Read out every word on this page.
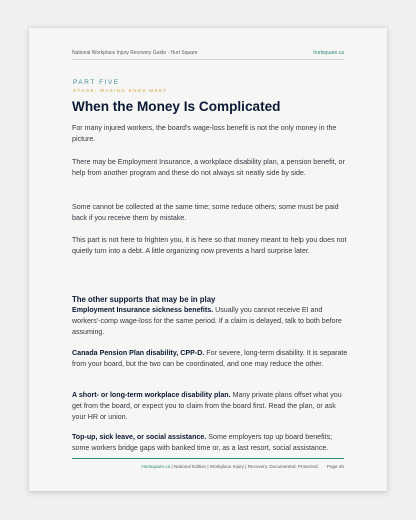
National Workplace Injury Recovery Guide · Hurt Square	hurtsquare.ca
PART FIVE
STAGE: MAKING ENDS MEET
When the Money Is Complicated

For many injured workers, the board's wage-loss benefit is not the only money in the picture.

There may be Employment Insurance, a workplace disability plan, a pension benefit, or help from another program and these do not always sit neatly side by side.

Some cannot be collected at the same time; some reduce others; some must be paid back if you receive them by mistake.

This part is not here to frighten you, it is here so that money meant to help you does not quietly turn into a debt. A little organizing now prevents a hard surprise later.

The other supports that may be in play

Employment Insurance sickness benefits. Usually you cannot receive EI and workers'-comp wage-loss for the same period. If a claim is delayed, talk to both before assuming.

Canada Pension Plan disability, CPP-D. For severe, long-term disability. It is separate from your board, but the two can be coordinated, and one may reduce the other.

A short- or long-term workplace disability plan. Many private plans offset what you get from the board, or expect you to claim from the board first. Read the plan, or ask your HR or union.

Top-up, sick leave, or social assistance. Some employers top up board benefits; some workers bridge gaps with banked time or, as a last resort, social assistance.

Hurtsquare.ca | National Edition | Workplace Injury | Recovery. Documented. Protected. Page 45
